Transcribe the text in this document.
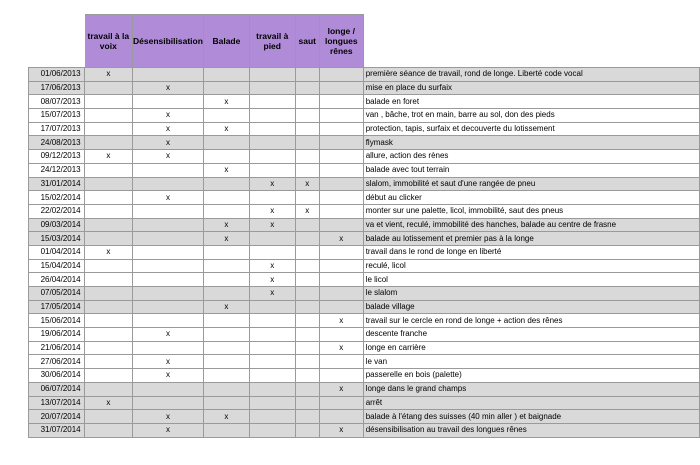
	travail à la voix	Désensibilisation	Balade	travail à pied	saut	longe / longues rênes	
01/06/2013	x						première séance de travail, rond de longe. Liberté code vocal
17/06/2013		x					mise en place du surfaix
08/07/2013			x				balade en foret
15/07/2013		x					van , bâche, trot en main, barre au sol, don des pieds
17/07/2013		x	x				protection, tapis, surfaix et decouverte du lotissement
24/08/2013		x					flymask
09/12/2013	x	x					allure, action des rènes
24/12/2013			x				balade avec tout terrain
31/01/2014				x	x		slalom, immobilité et saut d'une rangée de pneu
15/02/2014		x					début au clicker
22/02/2014				x	x		monter sur une palette, licol, immobilité, saut des pneus
09/03/2014			x	x			va et vient, reculé, immobilité des hanches, balade au centre de frasne
15/03/2014			x			x	balade au lotissement et premier pas à la longe
01/04/2014	x						travail dans le rond de longe en liberté
15/04/2014				x			reculé, licol
26/04/2014				x			le licol
07/05/2014				x			le slalom
17/05/2014			x				balade village
15/06/2014						x	travail sur le cercle en rond de longe + action des rênes
19/06/2014		x					descente franche
21/06/2014						x	longe en carrière
27/06/2014		x					le van
30/06/2014		x					passerelle en bois (palette)
06/07/2014						x	longe dans le grand champs
13/07/2014	x						arrêt
20/07/2014		x	x				balade à l'étang des suisses (40 min aller ) et baignade
31/07/2014		x				x	désensibilisation au travail des longues rênes
